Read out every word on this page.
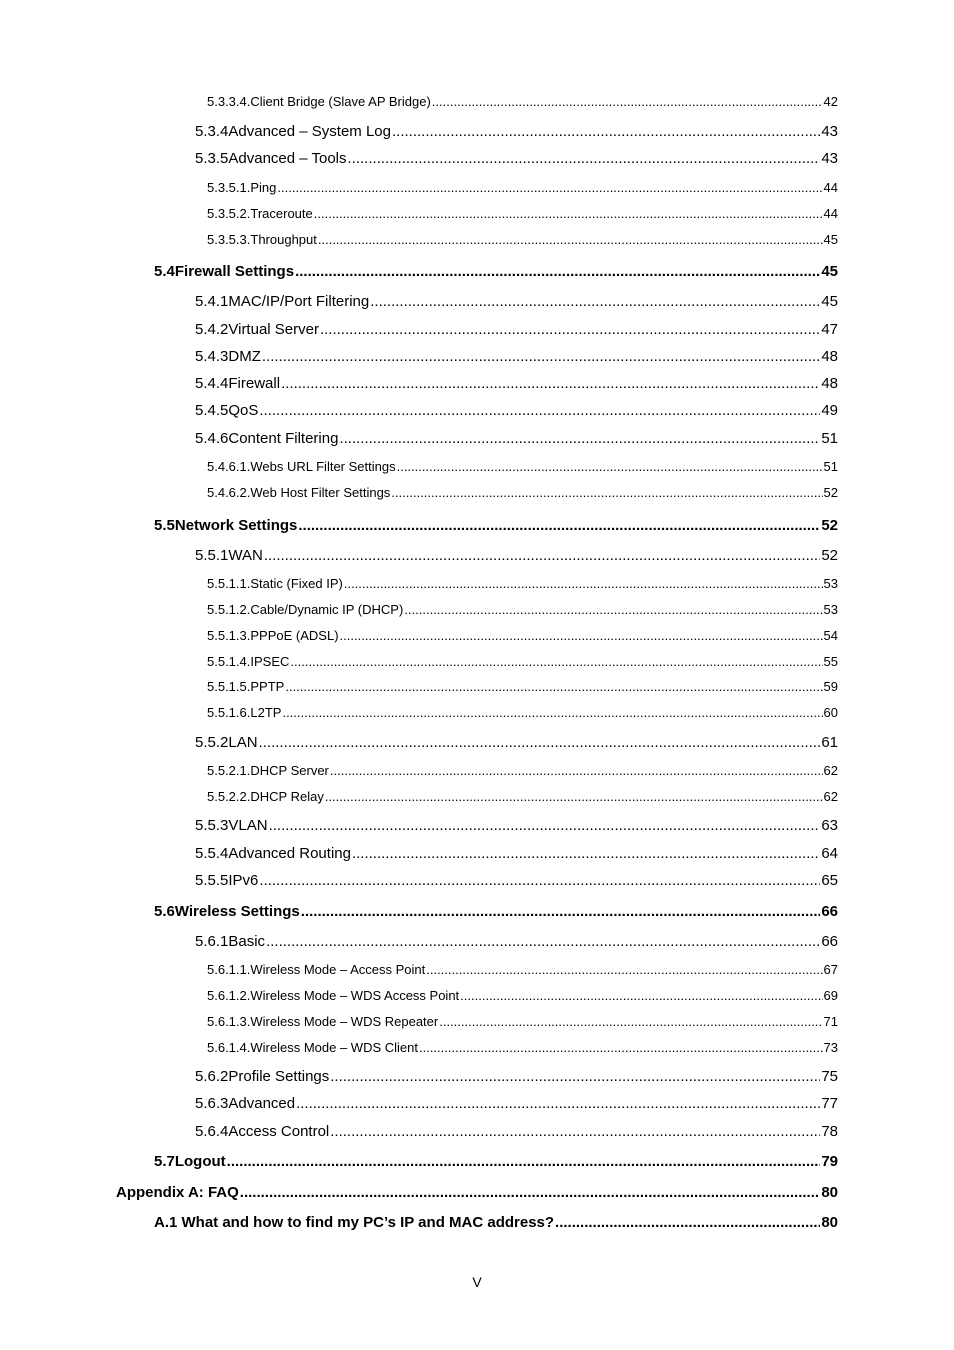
5.3.3.4. Client Bridge (Slave AP Bridge) .....	42
5.3.4 Advanced – System Log .....	43
5.3.5 Advanced – Tools .....	43
5.3.5.1. Ping .....	44
5.3.5.2. Traceroute .....	44
5.3.5.3. Throughput .....	45
5.4 Firewall Settings .....	45
5.4.1 MAC/IP/Port Filtering .....	45
5.4.2 Virtual Server .....	47
5.4.3 DMZ .....	48
5.4.4 Firewall .....	48
5.4.5 QoS .....	49
5.4.6 Content Filtering .....	51
5.4.6.1. Webs URL Filter Settings .....	51
5.4.6.2. Web Host Filter Settings .....	52
5.5 Network Settings .....	52
5.5.1 WAN .....	52
5.5.1.1. Static (Fixed IP) .....	53
5.5.1.2. Cable/Dynamic IP (DHCP) .....	53
5.5.1.3. PPPoE (ADSL) .....	54
5.5.1.4. IPSEC .....	55
5.5.1.5. PPTP .....	59
5.5.1.6. L2TP .....	60
5.5.2 LAN .....	61
5.5.2.1. DHCP Server .....	62
5.5.2.2. DHCP Relay .....	62
5.5.3 VLAN .....	63
5.5.4 Advanced Routing .....	64
5.5.5 IPv6 .....	65
5.6 Wireless Settings .....	66
5.6.1 Basic .....	66
5.6.1.1. Wireless Mode – Access Point .....	67
5.6.1.2. Wireless Mode – WDS Access Point .....	69
5.6.1.3. Wireless Mode – WDS Repeater .....	71
5.6.1.4. Wireless Mode – WDS Client .....	73
5.6.2 Profile Settings .....	75
5.6.3 Advanced .....	77
5.6.4 Access Control .....	78
5.7 Logout .....	79
Appendix A: FAQ .....	80
A.1 What and how to find my PC’s IP and MAC address? .....	80
V
